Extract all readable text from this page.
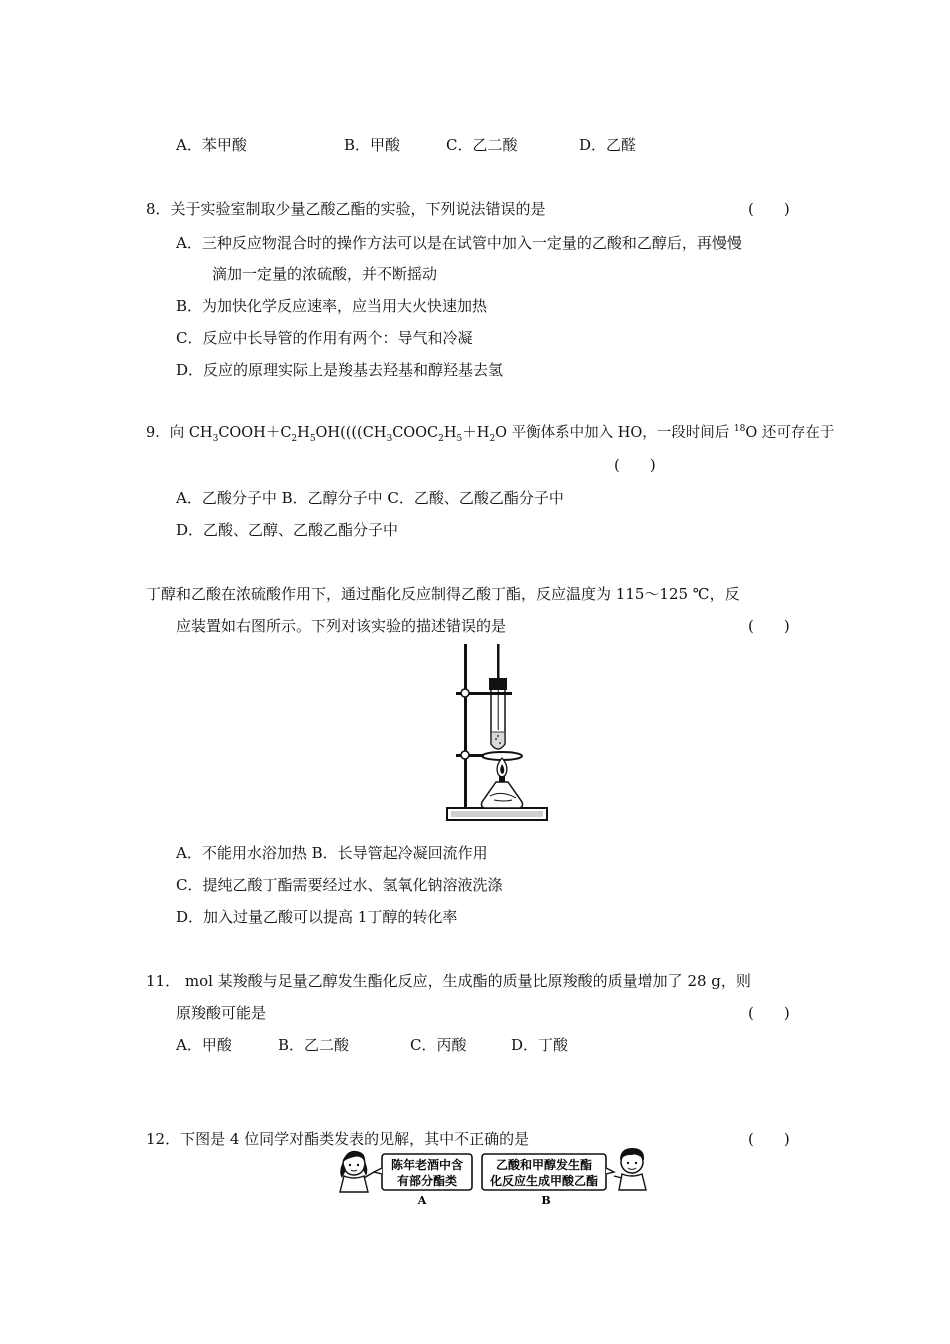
A．苯甲酸	B．甲酸	C．乙二酸	D．乙醛
8．关于实验室制取少量乙酸乙酯的实验，下列说法错误的是	(　　)
A．三种反应物混合时的操作方法可以是在试管中加入一定量的乙酸和乙醇后，再慢慢
滴加一定量的浓硫酸，并不断摇动
B．为加快化学反应速率，应当用大火快速加热
C．反应中长导管的作用有两个：导气和冷凝
D．反应的原理实际上是羧基去羟基和醇羟基去氢
9．向 $CH_3COOH+C_2H_5OH((((CH_3COOC_2H_5+H_2O$ 平衡体系中加入 HO，一段时间后 $^{18}$O 还可存在于
(　　)
A．乙酸分子中 B．乙醇分子中 C．乙酸、乙酸乙酯分子中
D．乙酸、乙醇、乙酸乙酯分子中
丁醇和乙酸在浓硫酸作用下，通过酯化反应制得乙酸丁酯，反应温度为 115～125 ℃，反
应装置如右图所示。下列对该实验的描述错误的是	(　　)
A．不能用水浴加热 B．长导管起冷凝回流作用
C．提纯乙酸丁酯需要经过水、氢氧化钠溶液洗涤
D．加入过量乙酸可以提高 1丁醇的转化率
11． mol 某羧酸与足量乙醇发生酯化反应，生成酯的质量比原羧酸的质量增加了 28 g，则
原羧酸可能是	(　　)
A．甲酸	B．乙二酸	C．丙酸	D．丁酸
12．下图是 4 位同学对酯类发表的见解，其中不正确的是	(　　)
陈年老酒中含
有部分酯类
A
乙酸和甲醇发生酯
化反应生成甲酸乙酯
B
